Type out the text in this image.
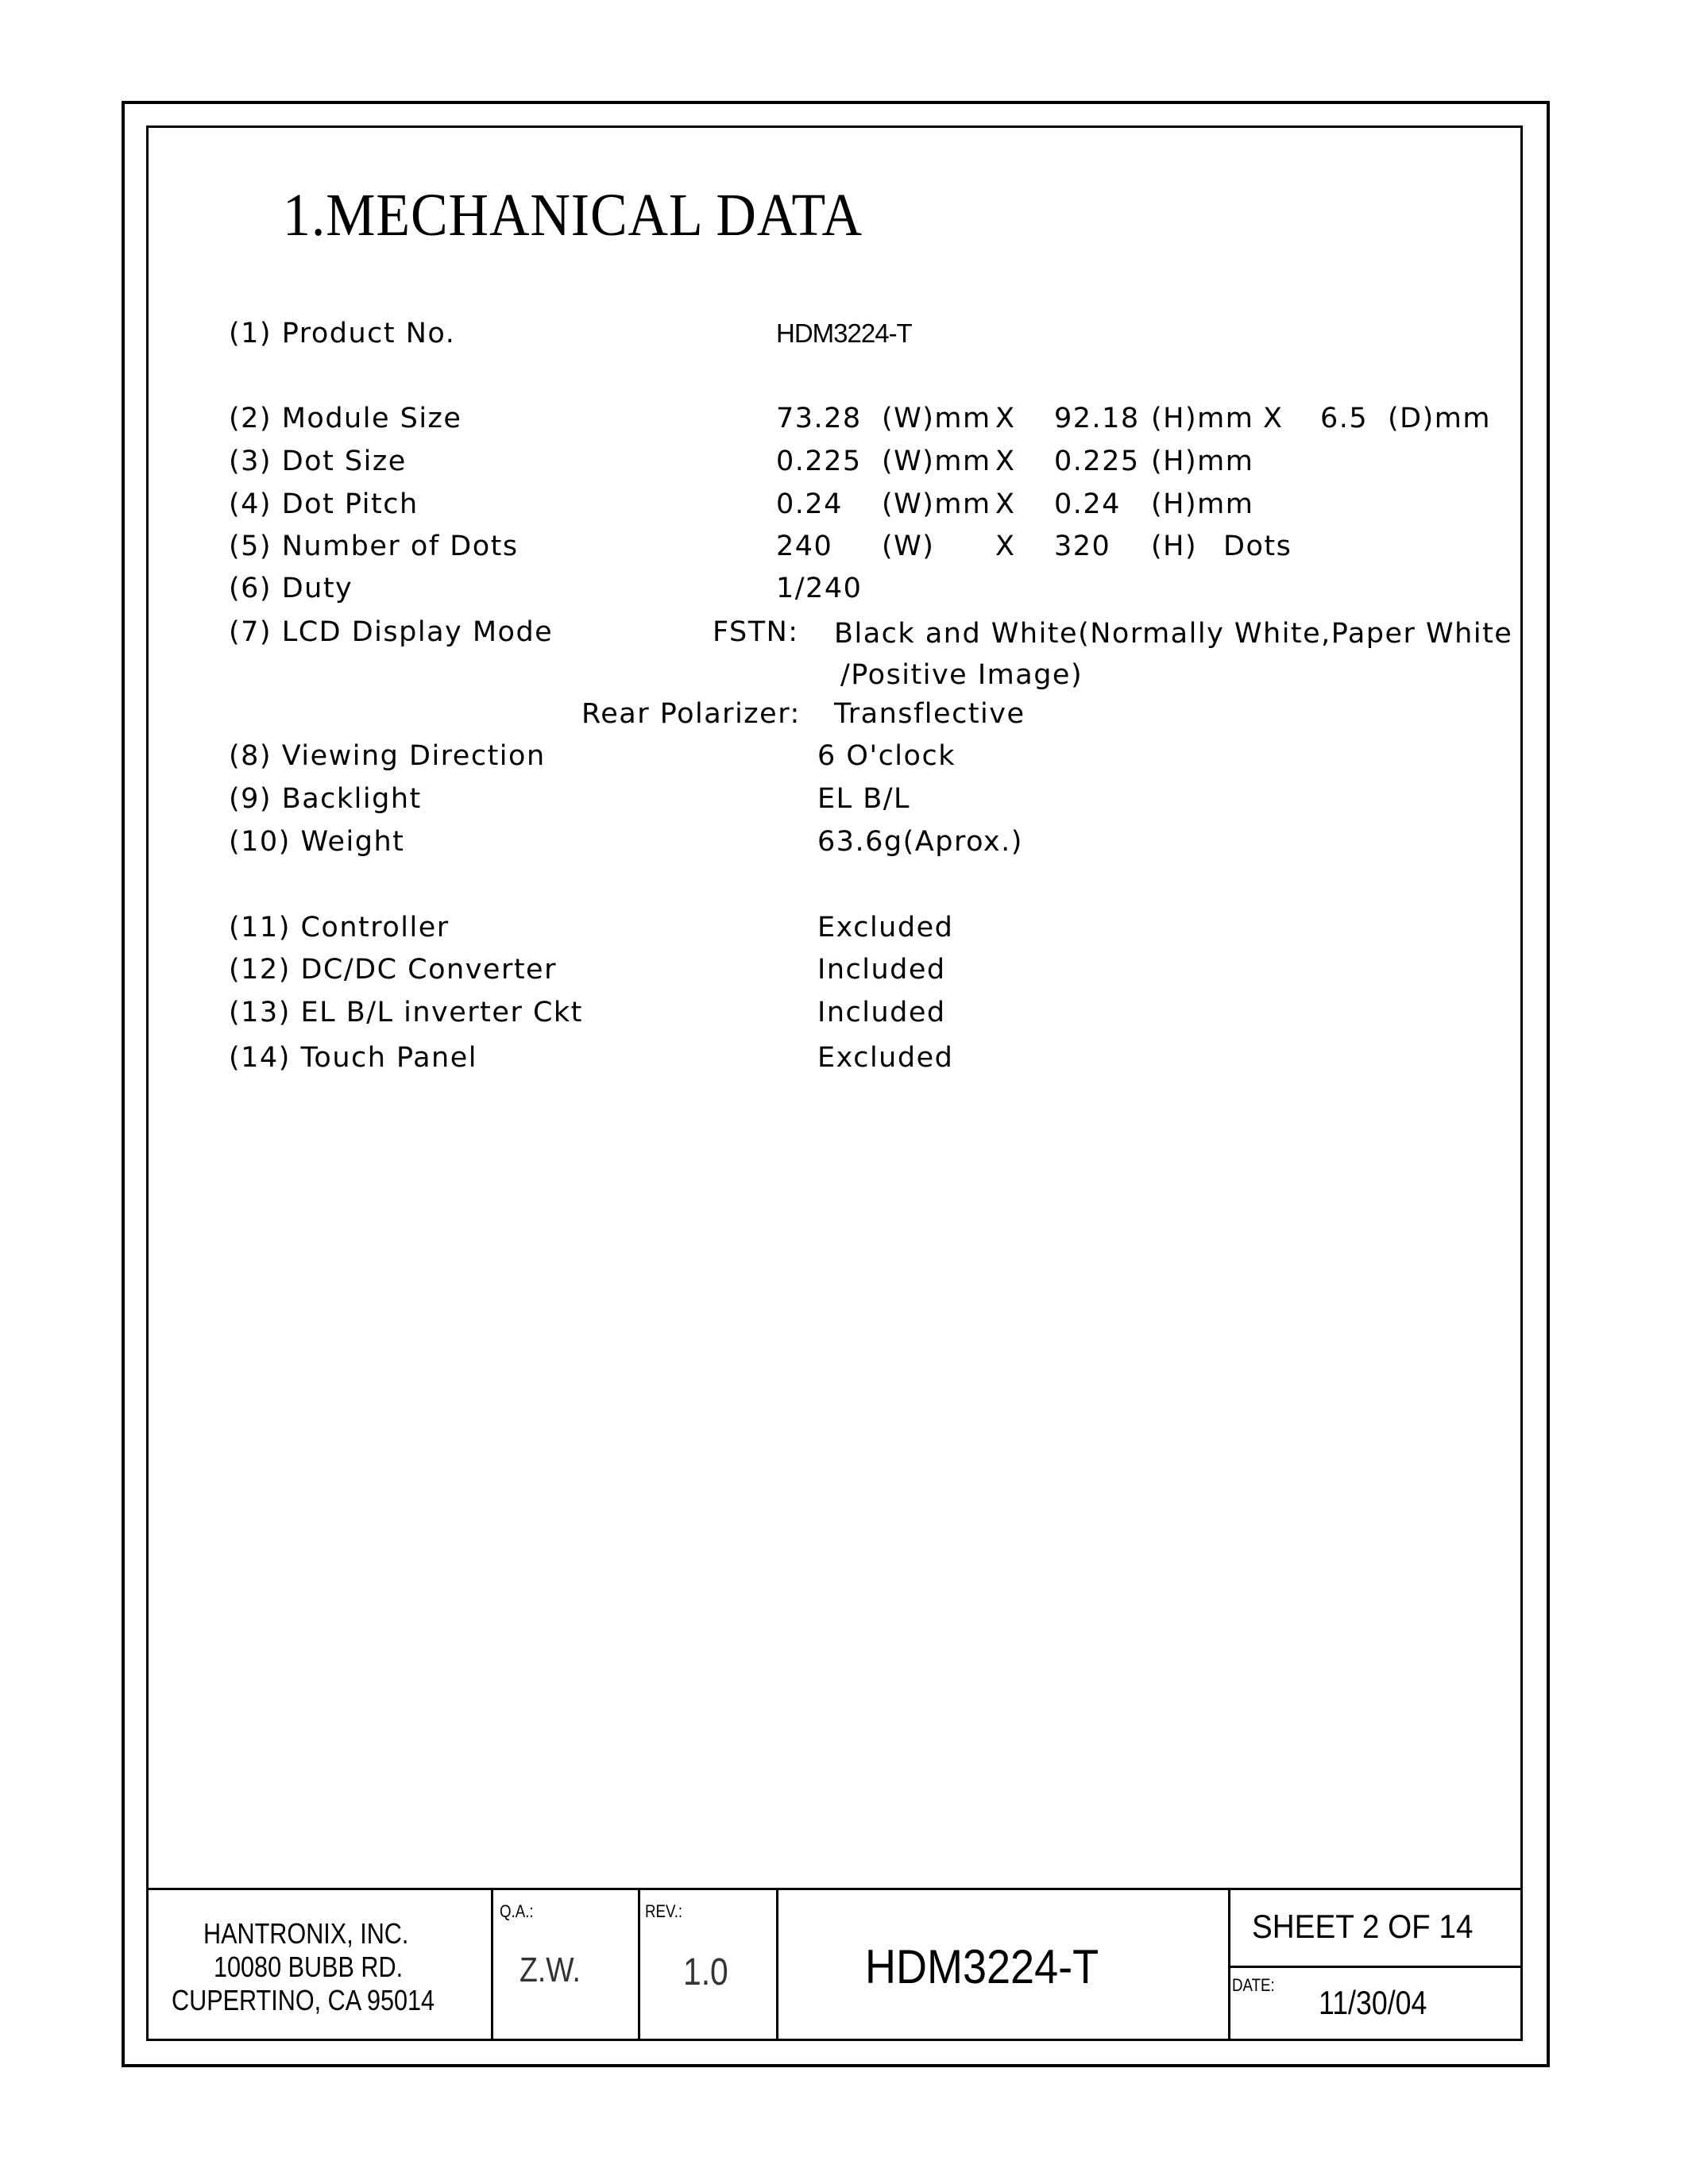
1.MECHANICAL DATA
(1) Product No.	HDM3224-T
(2) Module Size	73.28 (W)mm X 92.18 (H)mm X 6.5 (D)mm
(3) Dot Size	0.225 (W)mm X 0.225 (H)mm
(4) Dot Pitch	0.24 (W)mm X 0.24 (H)mm
(5) Number of Dots	240 (W) X 320 (H) Dots
(6) Duty	1/240
(7) LCD Display Mode	FSTN: Black and White(Normally White,Paper White
/Positive Image)
Rear Polarizer: Transflective
(8) Viewing Direction	6 O'clock
(9) Backlight	EL B/L
(10) Weight	63.6g(Aprox.)
(11) Controller	Excluded
(12) DC/DC Converter	Included
(13) EL B/L inverter Ckt	Included
(14) Touch Panel	Excluded
HANTRONIX, INC.
10080 BUBB RD.
CUPERTINO, CA 95014
Q.A.:
Z.W.
REV.:
1.0	HDM3224-T
SHEET 2 OF 14
DATE: 11/30/04
